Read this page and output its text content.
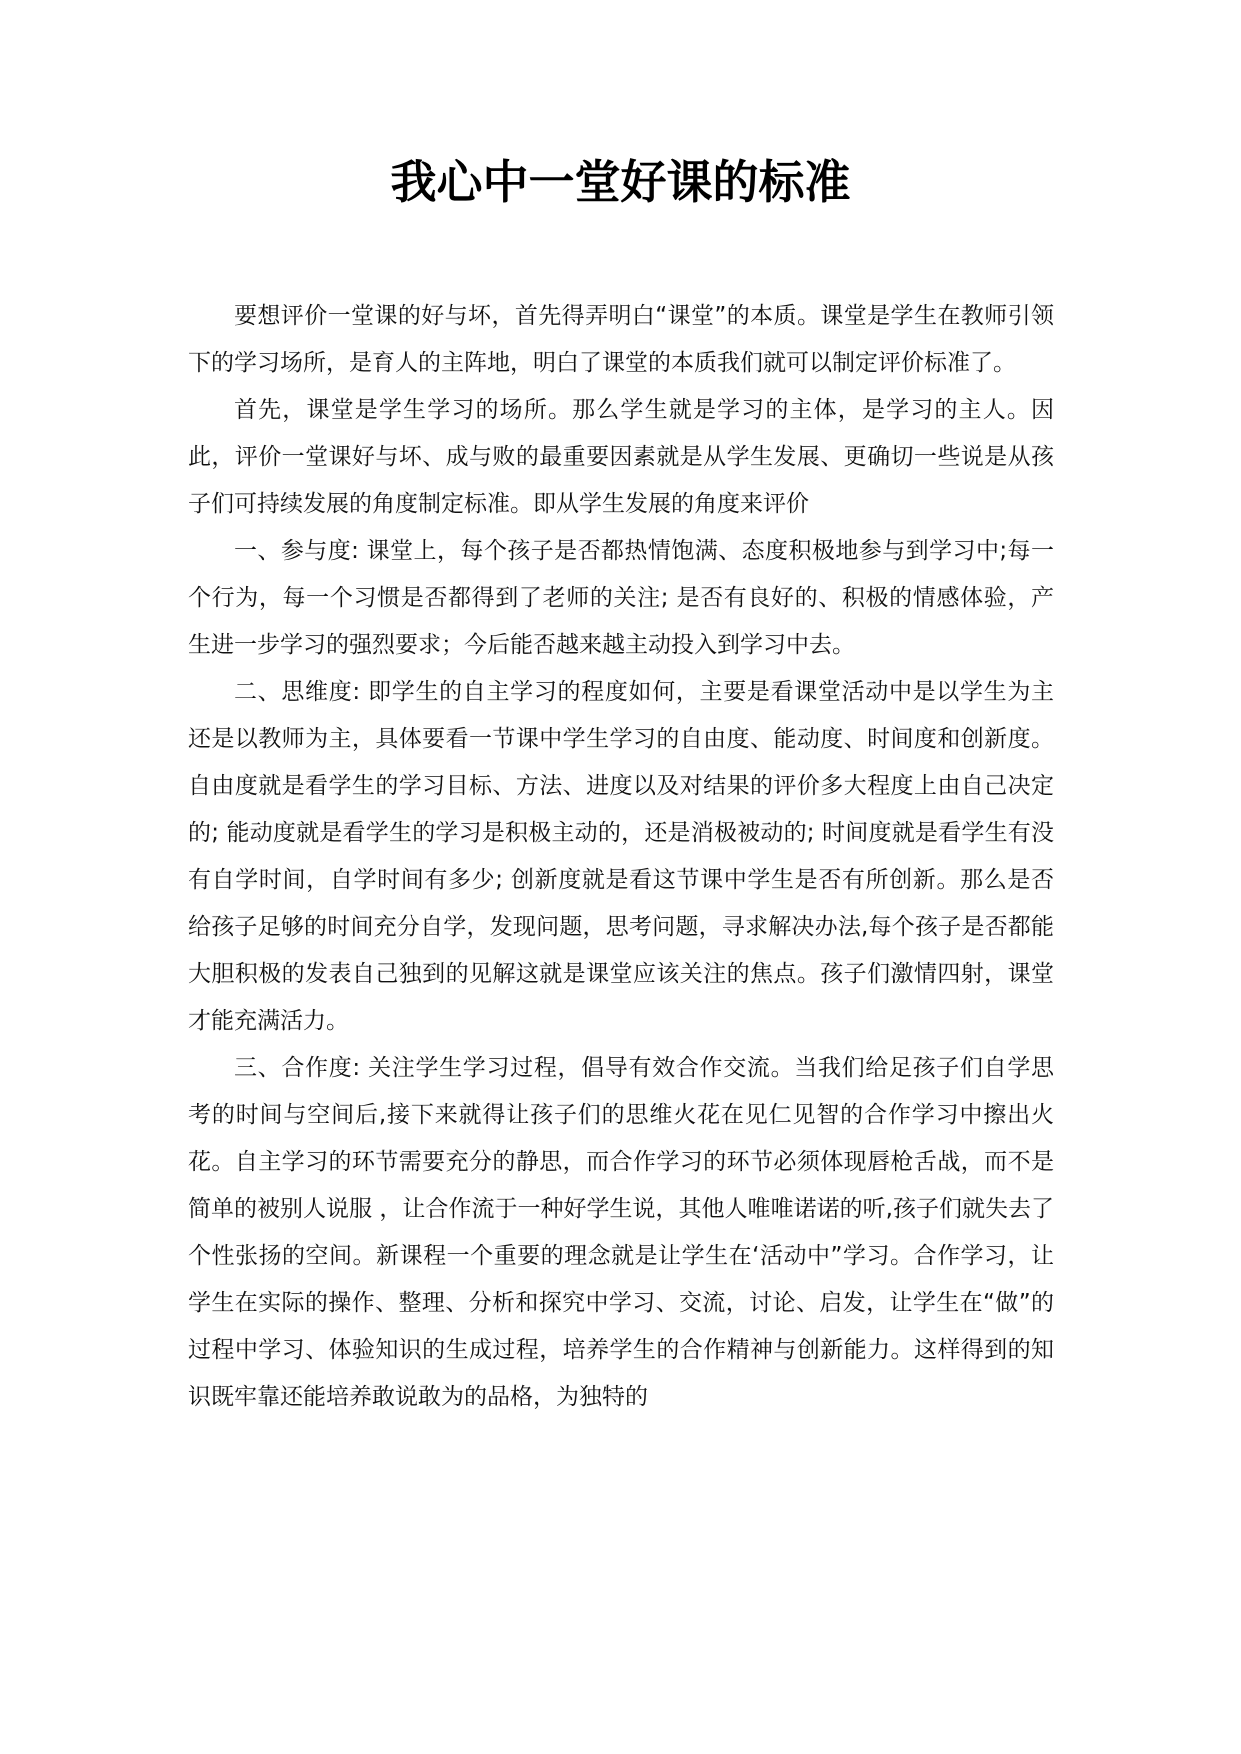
我心中一堂好课的标准

要想评价一堂课的好与坏，首先得弄明白“课堂”的本质。课堂是学生在教师引领下的学习场所，是育人的主阵地，明白了课堂的本质我们就可以制定评价标准了。

首先，课堂是学生学习的场所。那么学生就是学习的主体，是学习的主人。因此，评价一堂课好与坏、成与败的最重要因素就是从学生发展、更确切一些说是从孩子们可持续发展的角度制定标准。即从学生发展的角度来评价

一、参与度: 课堂上，每个孩子是否都热情饱满、态度积极地参与到学习中;每一个行为，每一个习惯是否都得到了老师的关注; 是否有良好的、积极的情感体验，产生进一步学习的强烈要求；今后能否越来越主动投入到学习中去。

二、思维度: 即学生的自主学习的程度如何，主要是看课堂活动中是以学生为主还是以教师为主，具体要看一节课中学生学习的自由度、能动度、时间度和创新度。自由度就是看学生的学习目标、方法、进度以及对结果的评价多大程度上由自己决定的; 能动度就是看学生的学习是积极主动的，还是消极被动的; 时间度就是看学生有没有自学时间，自学时间有多少; 创新度就是看这节课中学生是否有所创新。那么是否给孩子足够的时间充分自学，发现问题，思考问题，寻求解决办法,每个孩子是否都能大胆积极的发表自己独到的见解这就是课堂应该关注的焦点。孩子们激情四射，课堂才能充满活力。

三、合作度: 关注学生学习过程，倡导有效合作交流。当我们给足孩子们自学思考的时间与空间后,接下来就得让孩子们的思维火花在见仁见智的合作学习中擦出火花。自主学习的环节需要充分的静思，而合作学习的环节必须体现唇枪舌战，而不是简单的被别人说服 ，让合作流于一种好学生说，其他人唯唯诺诺的听,孩子们就失去了个性张扬的空间。新课程一个重要的理念就是让学生在‘活动中”学习。合作学习，让学生在实际的操作、整理、分析和探究中学习、交流，讨论、启发，让学生在“做”的过程中学习、体验知识的生成过程，培养学生的合作精神与创新能力。这样得到的知识既牢靠还能培养敢说敢为的品格，为独特的
